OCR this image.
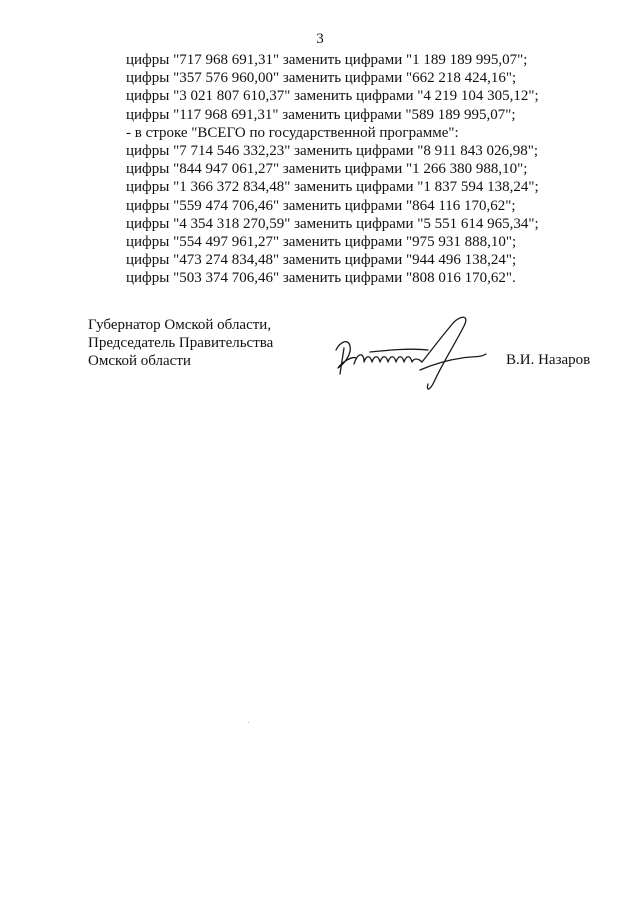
3
цифры "717 968 691,31" заменить цифрами "1 189 189 995,07";
цифры "357 576 960,00" заменить цифрами "662 218 424,16";
цифры "3 021 807 610,37" заменить цифрами "4 219 104 305,12";
цифры "117 968 691,31" заменить цифрами "589 189 995,07";
- в строке "ВСЕГО по государственной программе":
цифры "7 714 546 332,23" заменить цифрами "8 911 843 026,98";
цифры "844 947 061,27" заменить цифрами "1 266 380 988,10";
цифры "1 366 372 834,48" заменить цифрами "1 837 594 138,24";
цифры "559 474 706,46" заменить цифрами "864 116 170,62";
цифры "4 354 318 270,59" заменить цифрами "5 551 614 965,34";
цифры "554 497 961,27" заменить цифрами "975 931 888,10";
цифры "473 274 834,48" заменить цифрами "944 496 138,24";
цифры "503 374 706,46" заменить цифрами "808 016 170,62".
Губернатор Омской области,
Председатель Правительства
Омской области	В.И. Назаров
